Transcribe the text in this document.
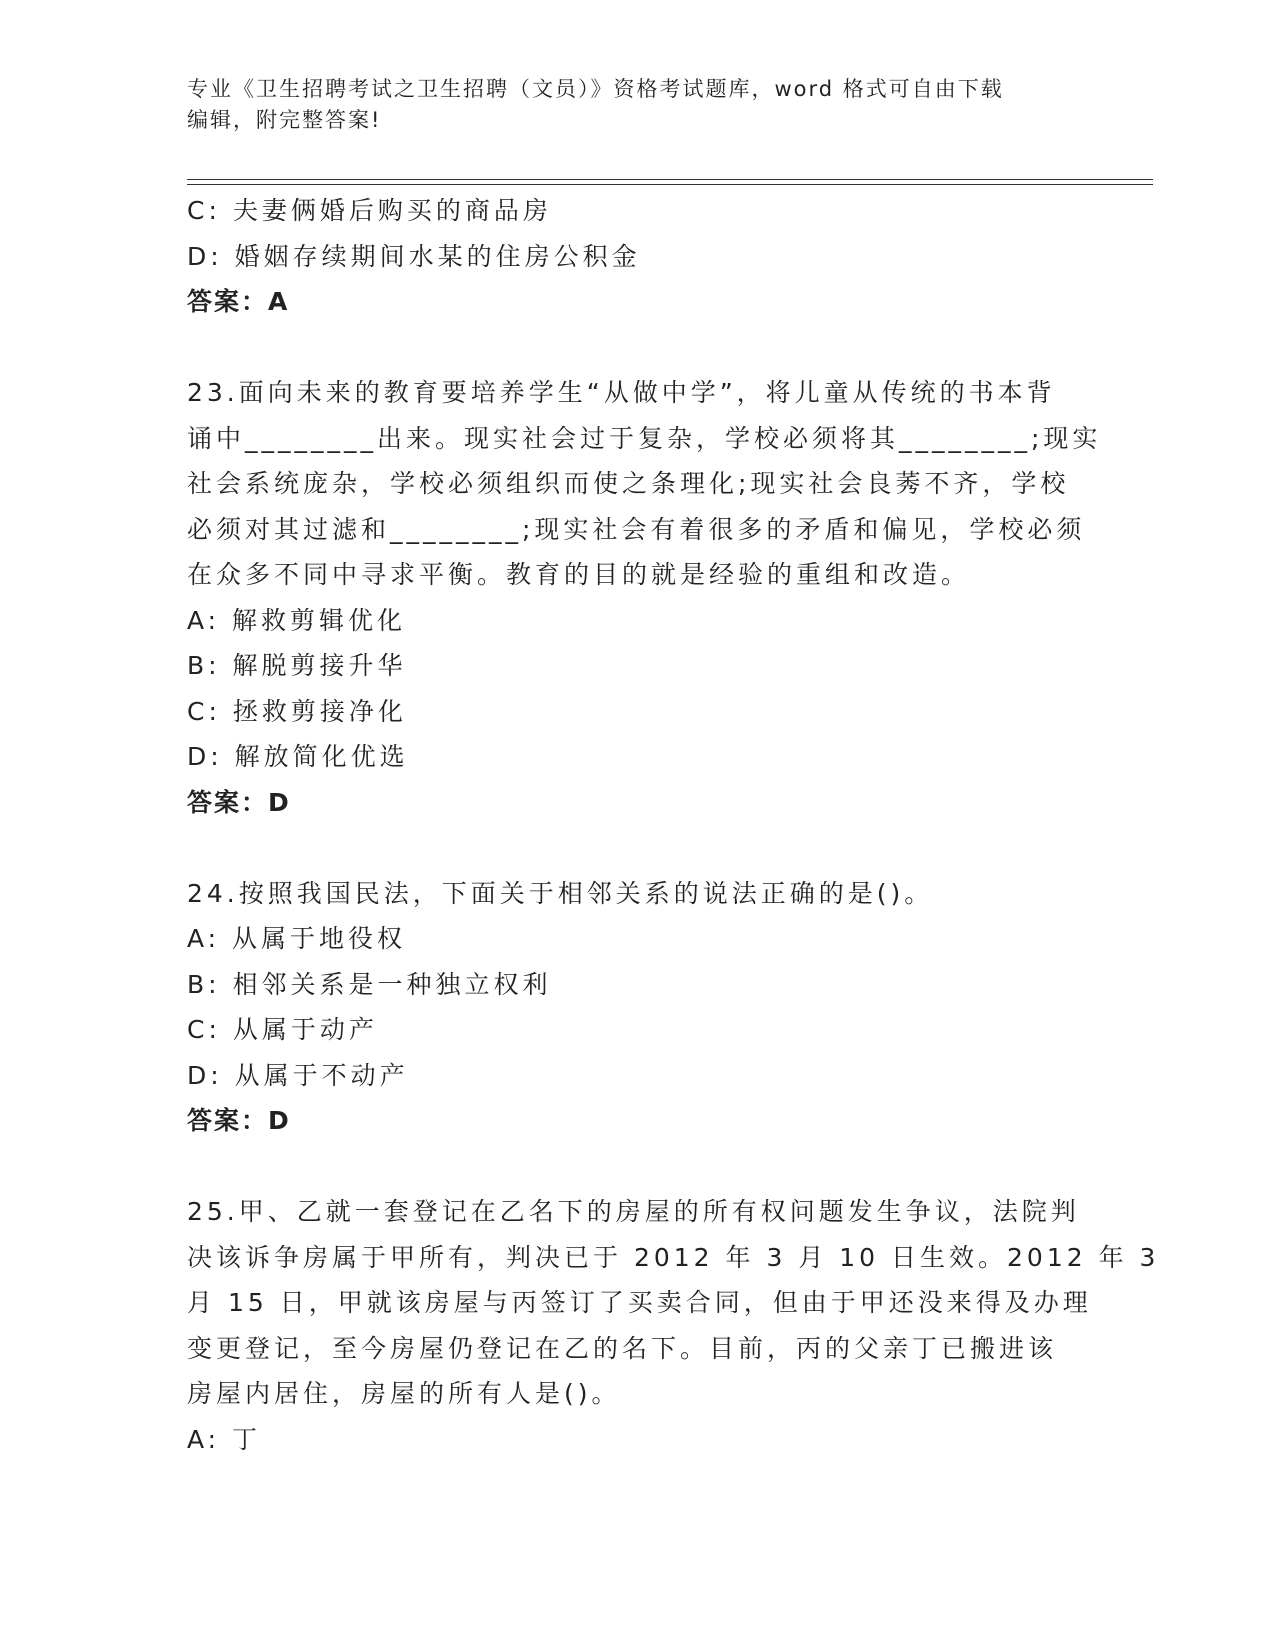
专业《卫生招聘考试之卫生招聘（文员）》资格考试题库，word 格式可自由下载
编辑，附完整答案!
C: 夫妻俩婚后购买的商品房
D: 婚姻存续期间水某的住房公积金
答案：A
23.面向未来的教育要培养学生“从做中学”，将儿童从传统的书本背
诵中________出来。现实社会过于复杂，学校必须将其________;现实
社会系统庞杂，学校必须组织而使之条理化;现实社会良莠不齐，学校
必须对其过滤和________;现实社会有着很多的矛盾和偏见，学校必须
在众多不同中寻求平衡。教育的目的就是经验的重组和改造。
A: 解救剪辑优化
B: 解脱剪接升华
C: 拯救剪接净化
D: 解放简化优选
答案：D
24.按照我国民法，下面关于相邻关系的说法正确的是()。
A: 从属于地役权
B: 相邻关系是一种独立权利
C: 从属于动产
D: 从属于不动产
答案：D
25.甲、乙就一套登记在乙名下的房屋的所有权问题发生争议，法院判
决该诉争房属于甲所有，判决已于 2012 年 3 月 10 日生效。2012 年 3
月 15 日，甲就该房屋与丙签订了买卖合同，但由于甲还没来得及办理
变更登记，至今房屋仍登记在乙的名下。目前，丙的父亲丁已搬进该
房屋内居住，房屋的所有人是()。
A: 丁
